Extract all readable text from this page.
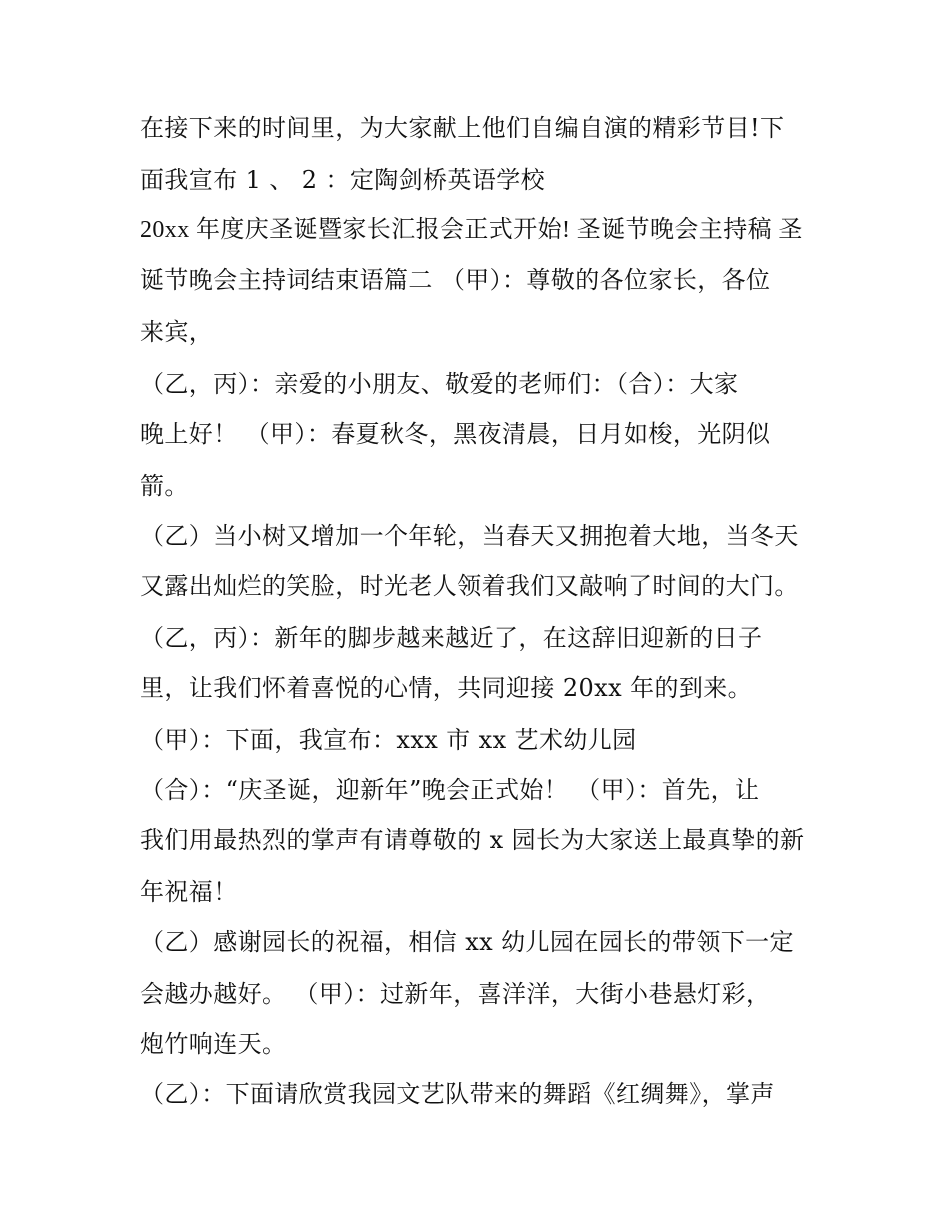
在接下来的时间里，为大家献上他们自编自演的精彩节目!下
面我宣布 1 、 2 ：定陶剑桥英语学校
20xx 年度庆圣诞暨家长汇报会正式开始! 圣诞节晚会主持稿 圣
诞节晚会主持词结束语篇二 （甲）：尊敬的各位家长，各位
来宾，
（乙，丙）：亲爱的小朋友、敬爱的老师们：（合）：大家
晚上好！ （甲）：春夏秋冬，黑夜清晨，日月如梭，光阴似
箭。
（乙）当小树又增加一个年轮，当春天又拥抱着大地，当冬天
又露出灿烂的笑脸，时光老人领着我们又敲响了时间的大门。
（乙，丙）：新年的脚步越来越近了，在这辞旧迎新的日子
里，让我们怀着喜悦的心情，共同迎接 20xx 年的到来。
（甲）：下面，我宣布：xxx 市 xx 艺术幼儿园
（合）：“庆圣诞，迎新年”晚会正式始！ （甲）：首先，让
我们用最热烈的掌声有请尊敬的 x 园长为大家送上最真挚的新
年祝福！
（乙）感谢园长的祝福，相信 xx 幼儿园在园长的带领下一定
会越办越好。 （甲）：过新年，喜洋洋，大街小巷悬灯彩，
炮竹响连天。
（乙）：下面请欣赏我园文艺队带来的舞蹈《红绸舞》，掌声
